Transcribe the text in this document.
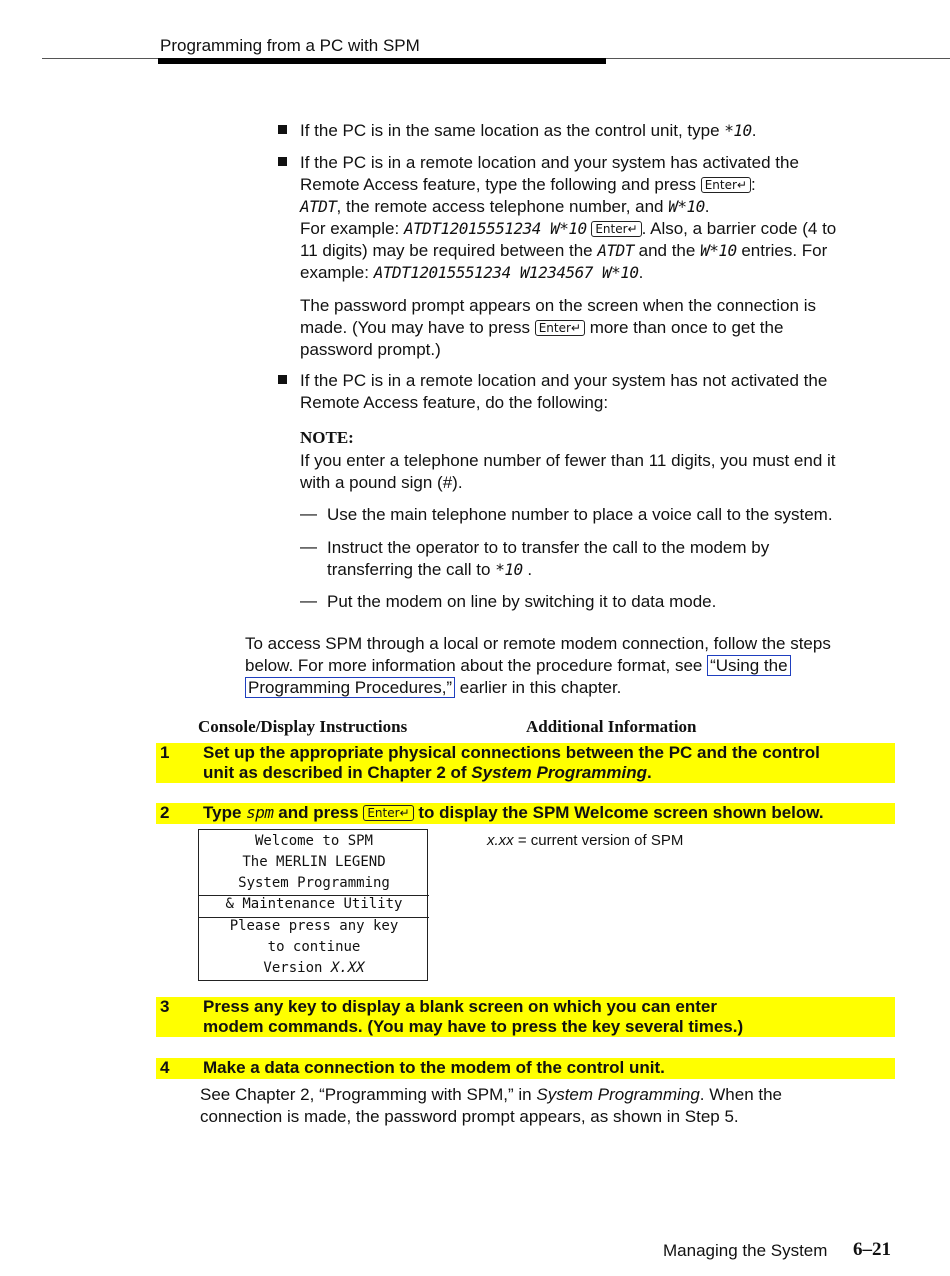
Programming from a PC with SPM
If the PC is in the same location as the control unit, type *10.
If the PC is in a remote location and your system has activated the
Remote Access feature, type the following and press Enter↵ :
ATDT, the remote access telephone number, and W*10.
For example: ATDT12015551234 W*10 Enter↵ . Also, a barrier code (4 to
11 digits) may be required between the ATDT and the W*10 entries. For
example: ATDT12015551234 W1234567 W*10.
The password prompt appears on the screen when the connection is
made. (You may have to press Enter↵ more than once to get the
password prompt.)
If the PC is in a remote location and your system has not activated the
Remote Access feature, do the following:
NOTE:
If you enter a telephone number of fewer than 11 digits, you must end it
with a pound sign (#).
— Use the main telephone number to place a voice call to the system.
— Instruct the operator to to transfer the call to the modem by
transferring the call to *10 .
— Put the modem on line by switching it to data mode.
To access SPM through a local or remote modem connection, follow the steps
below. For more information about the procedure format, see “Using the
Programming Procedures,” earlier in this chapter.
Console/Display Instructions	Additional Information
1 Set up the appropriate physical connections between the PC and the control
unit as described in Chapter 2 of System Programming.
2 Type spm and press Enter↵ to display the SPM Welcome screen shown below.
Welcome to SPM
The MERLIN LEGEND
System Programming
& Maintenance Utility
Please press any key
to continue
Version X.XX
x.xx = current version of SPM
3 Press any key to display a blank screen on which you can enter
modem commands. (You may have to press the key several times.)
4 Make a data connection to the modem of the control unit.
See Chapter 2, “Programming with SPM,” in System Programming. When the
connection is made, the password prompt appears, as shown in Step 5.
Managing the System 6–21
